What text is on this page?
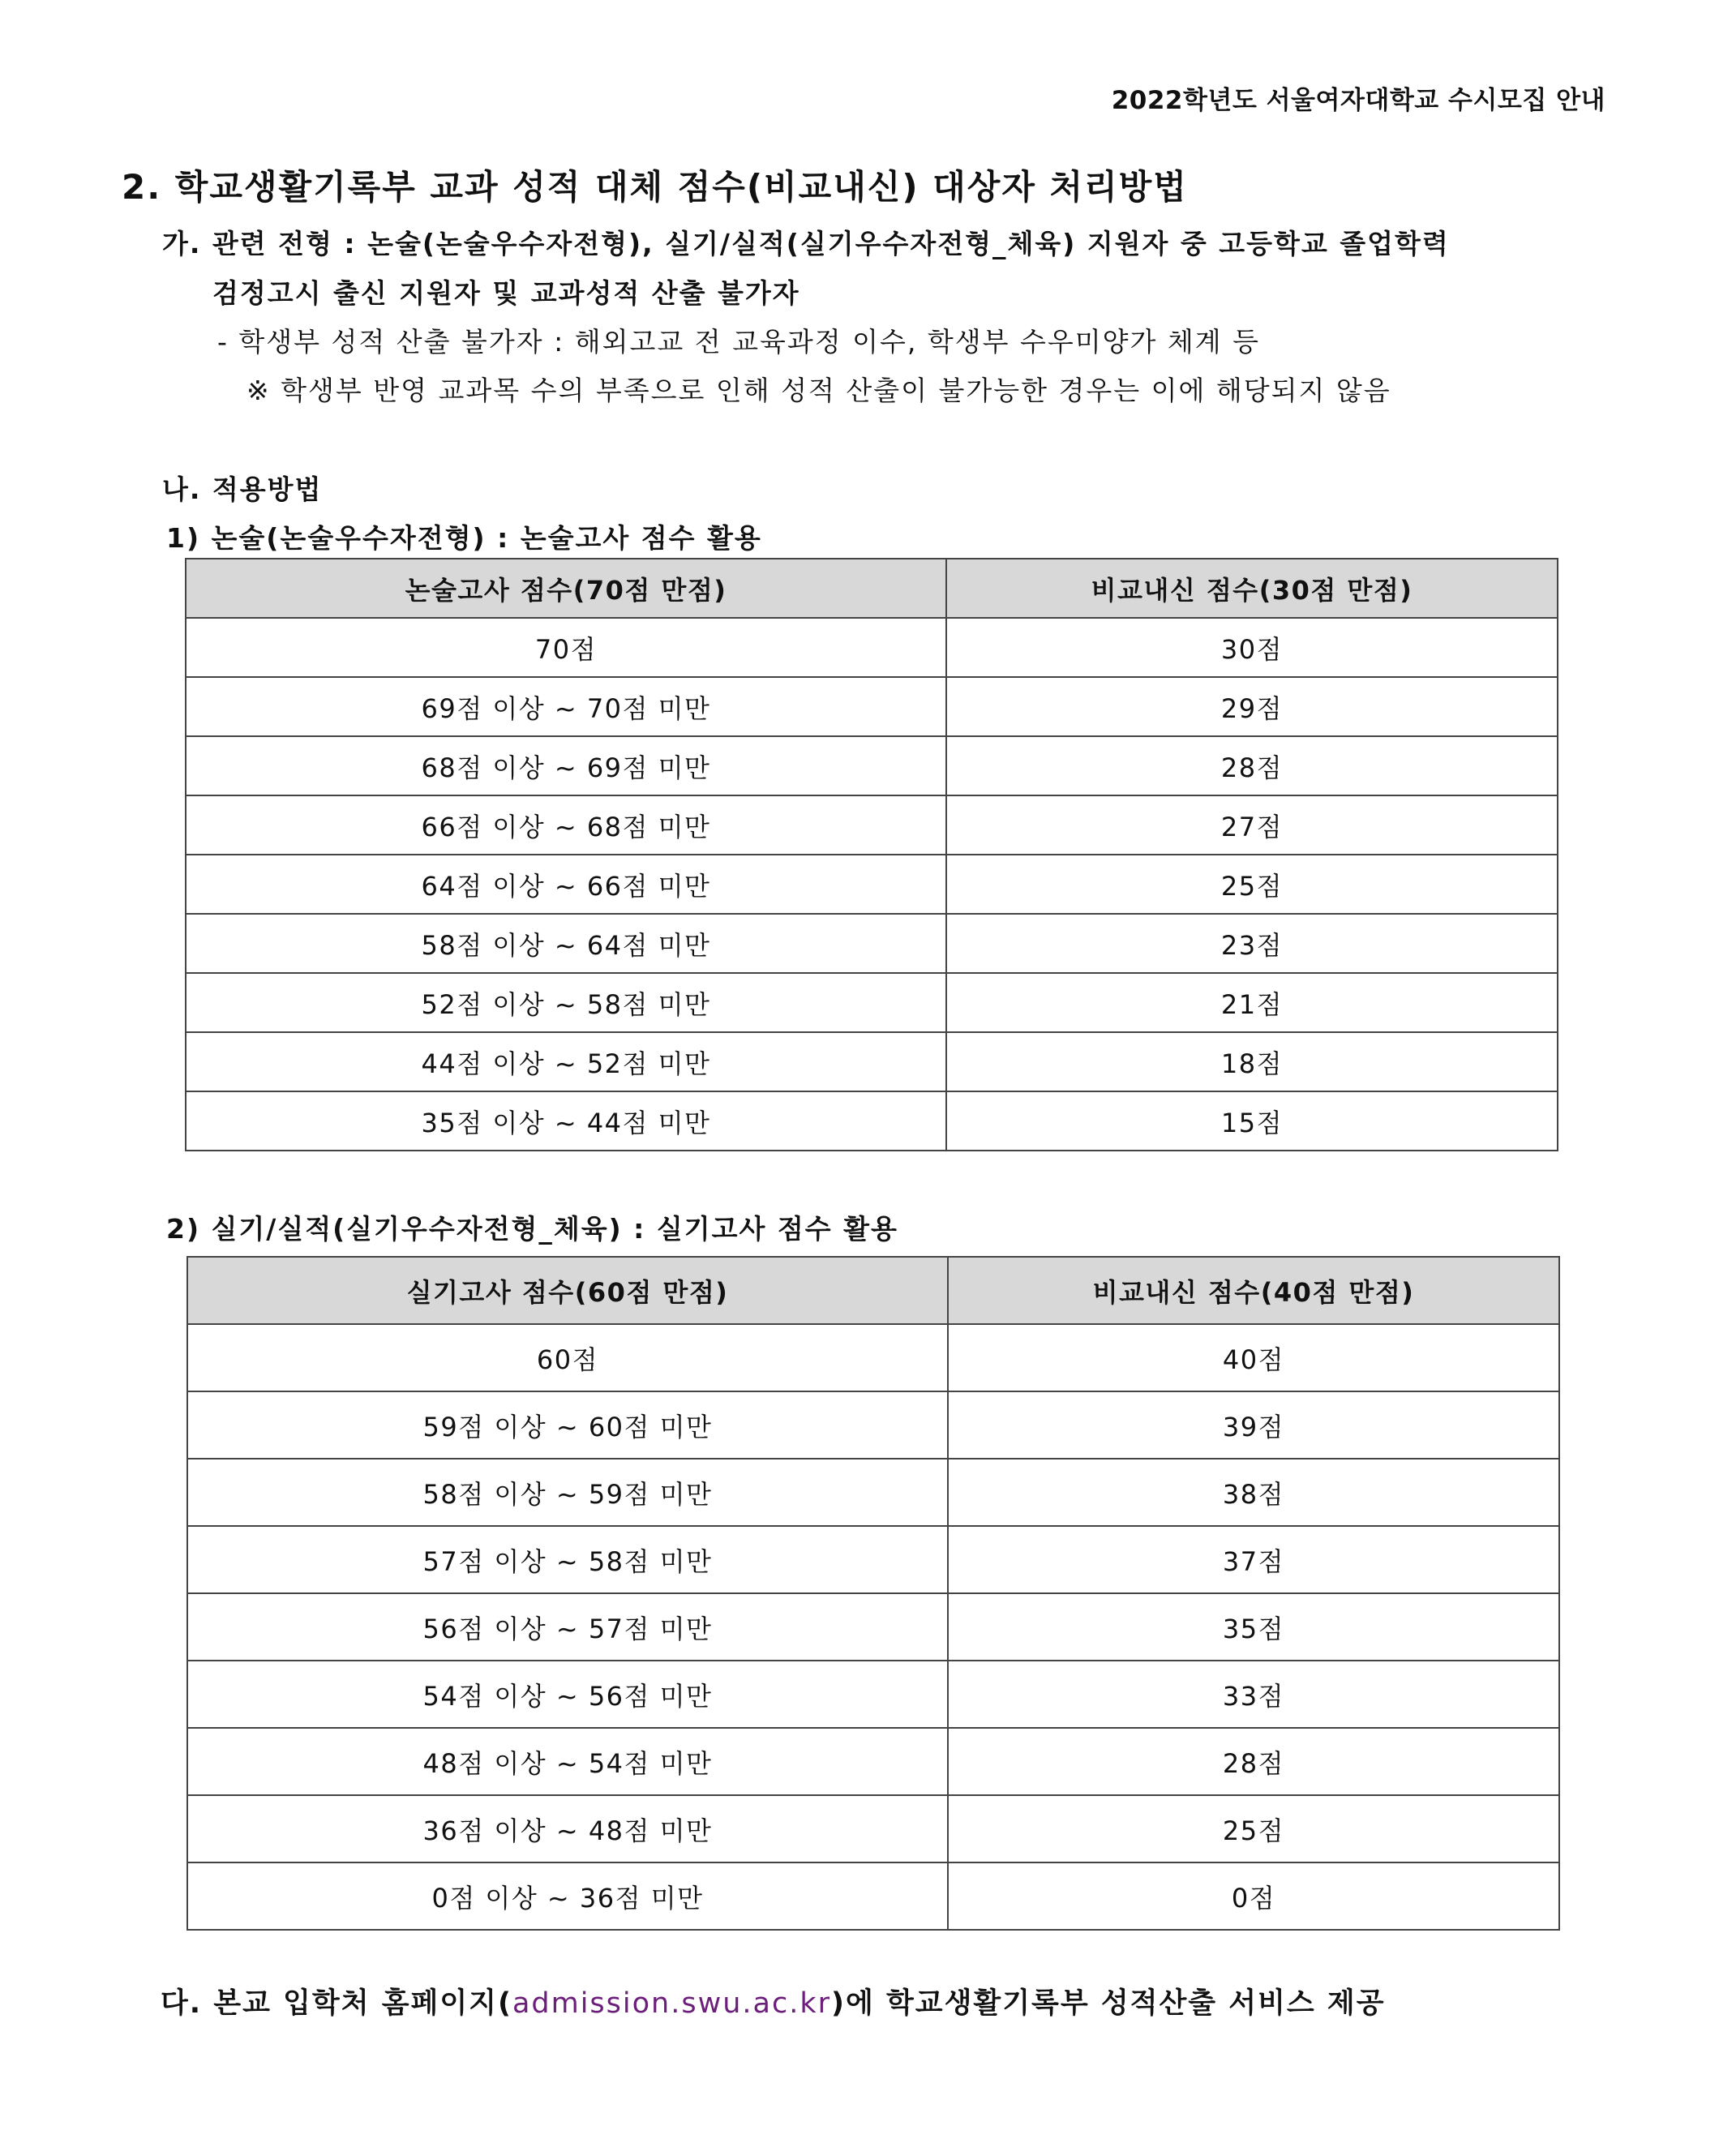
2022학년도 서울여자대학교 수시모집 안내
2. 학교생활기록부 교과 성적 대체 점수(비교내신) 대상자 처리방법
가. 관련 전형 : 논술(논술우수자전형), 실기/실적(실기우수자전형_체육) 지원자 중 고등학교 졸업학력
검정고시 출신 지원자 및 교과성적 산출 불가자
- 학생부 성적 산출 불가자 : 해외고교 전 교육과정 이수, 학생부 수우미양가 체계 등
※ 학생부 반영 교과목 수의 부족으로 인해 성적 산출이 불가능한 경우는 이에 해당되지 않음
나. 적용방법
1) 논술(논술우수자전형) : 논술고사 점수 활용
논술고사 점수(70점 만점)	비교내신 점수(30점 만점)
70점	30점
69점 이상 ~ 70점 미만	29점
68점 이상 ~ 69점 미만	28점
66점 이상 ~ 68점 미만	27점
64점 이상 ~ 66점 미만	25점
58점 이상 ~ 64점 미만	23점
52점 이상 ~ 58점 미만	21점
44점 이상 ~ 52점 미만	18점
35점 이상 ~ 44점 미만	15점
2) 실기/실적(실기우수자전형_체육) : 실기고사 점수 활용
실기고사 점수(60점 만점)	비교내신 점수(40점 만점)
60점	40점
59점 이상 ~ 60점 미만	39점
58점 이상 ~ 59점 미만	38점
57점 이상 ~ 58점 미만	37점
56점 이상 ~ 57점 미만	35점
54점 이상 ~ 56점 미만	33점
48점 이상 ~ 54점 미만	28점
36점 이상 ~ 48점 미만	25점
0점 이상 ~ 36점 미만	0점
다. 본교 입학처 홈페이지(admission.swu.ac.kr)에 학교생활기록부 성적산출 서비스 제공
